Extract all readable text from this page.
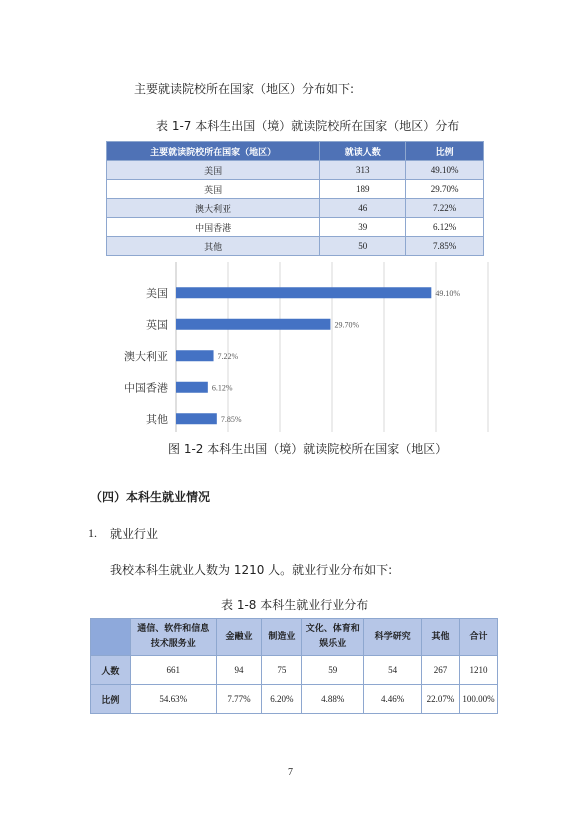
主要就读院校所在国家（地区）分布如下:
表 1-7 本科生出国（境）就读院校所在国家（地区）分布
主要就读院校所在国家（地区）	就读人数	比例
美国	313	49.10%
英国	189	29.70%
澳大利亚	46	7.22%
中国香港	39	6.12%
其他	50	7.85%
美国
英国
澳大利亚
中国香港
其他
49.10%
29.70%
7.22%
6.12%
7.85%
图 1-2 本科生出国（境）就读院校所在国家（地区）
（四）本科生就业情况
1. 就业行业
我校本科生就业人数为 1210 人。就业行业分布如下:
表 1-8 本科生就业行业分布
	通信、软件和信息
技术服务业	金融业	制造业	文化、体育和
娱乐业	科学研究	其他	合计
人数	661	94	75	59	54	267	1210
比例	54.63%	7.77%	6.20%	4.88%	4.46%	22.07%	100.00%
7
